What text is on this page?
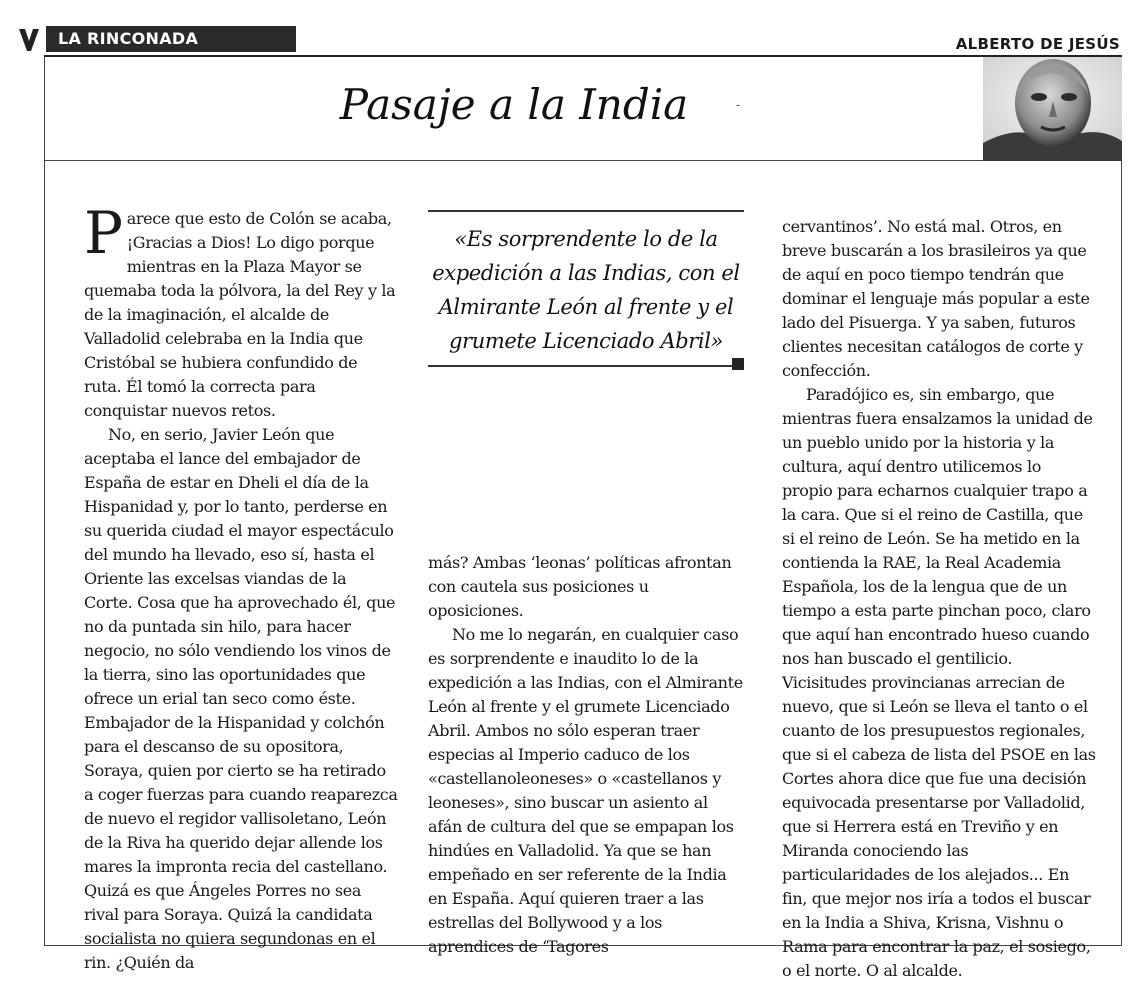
LA RINCONADA	ALBERTO DE JESÚS
Pasaje a la India	-

Parece que esto de Colón se acaba, ¡Gracias a Dios! Lo digo porque mientras en la Plaza Mayor se quemaba toda la pólvora, la del Rey y la de la imaginación, el alcalde de Valladolid celebraba en la India que Cristóbal se hubiera confundido de ruta. Él tomó la correcta para conquistar nuevos retos.

No, en serio, Javier León que aceptaba el lance del embajador de España de estar en Dheli el día de la Hispanidad y, por lo tanto, perderse en su querida ciudad el mayor espectáculo del mundo ha llevado, eso sí, hasta el Oriente las excelsas viandas de la Corte. Cosa que ha aprovechado él, que no da puntada sin hilo, para hacer negocio, no sólo vendiendo los vinos de la tierra, sino las oportunidades que ofrece un erial tan seco como éste. Embajador de la Hispanidad y colchón para el descanso de su opositora, Soraya, quien por cierto se ha retirado a coger fuerzas para cuando reaparezca de nuevo el regidor vallisoletano, León de la Riva ha querido dejar allende los mares la impronta recia del castellano. Quizá es que Ángeles Porres no sea rival para Soraya. Quizá la candidata socialista no quiera segundonas en el rin. ¿Quién da

«Es sorprendente lo de la expedición a las Indias, con el Almirante León al frente y el grumete Licenciado Abril»

más? Ambas ‘leonas’ políticas afrontan con cautela sus posiciones u oposiciones.

No me lo negarán, en cualquier caso es sorprendente e inaudito lo de la expedición a las Indias, con el Almirante León al frente y el grumete Licenciado Abril. Ambos no sólo esperan traer especias al Imperio caduco de los «castellanoleoneses» o «castellanos y leoneses», sino buscar un asiento al afán de cultura del que se empapan los hindúes en Valladolid. Ya que se han empeñado en ser referente de la India en España. Aquí quieren traer a las estrellas del Bollywood y a los aprendices de ‘Tagores

cervantinos’. No está mal. Otros, en breve buscarán a los brasileiros ya que de aquí en poco tiempo tendrán que dominar el lenguaje más popular a este lado del Pisuerga. Y ya saben, futuros clientes necesitan catálogos de corte y confección.

Paradójico es, sin embargo, que mientras fuera ensalzamos la unidad de un pueblo unido por la historia y la cultura, aquí dentro utilicemos lo propio para echarnos cualquier trapo a la cara. Que si el reino de Castilla, que si el reino de León. Se ha metido en la contienda la RAE, la Real Academia Española, los de la lengua que de un tiempo a esta parte pinchan poco, claro que aquí han encontrado hueso cuando nos han buscado el gentilicio. Vicisitudes provincianas arrecian de nuevo, que si León se lleva el tanto o el cuanto de los presupuestos regionales, que si el cabeza de lista del PSOE en las Cortes ahora dice que fue una decisión equivocada presentarse por Valladolid, que si Herrera está en Treviño y en Miranda conociendo las particularidades de los alejados... En fin, que mejor nos iría a todos el buscar en la India a Shiva, Krisna, Vishnu o Rama para encontrar la paz, el sosiego, o el norte. O al alcalde.
